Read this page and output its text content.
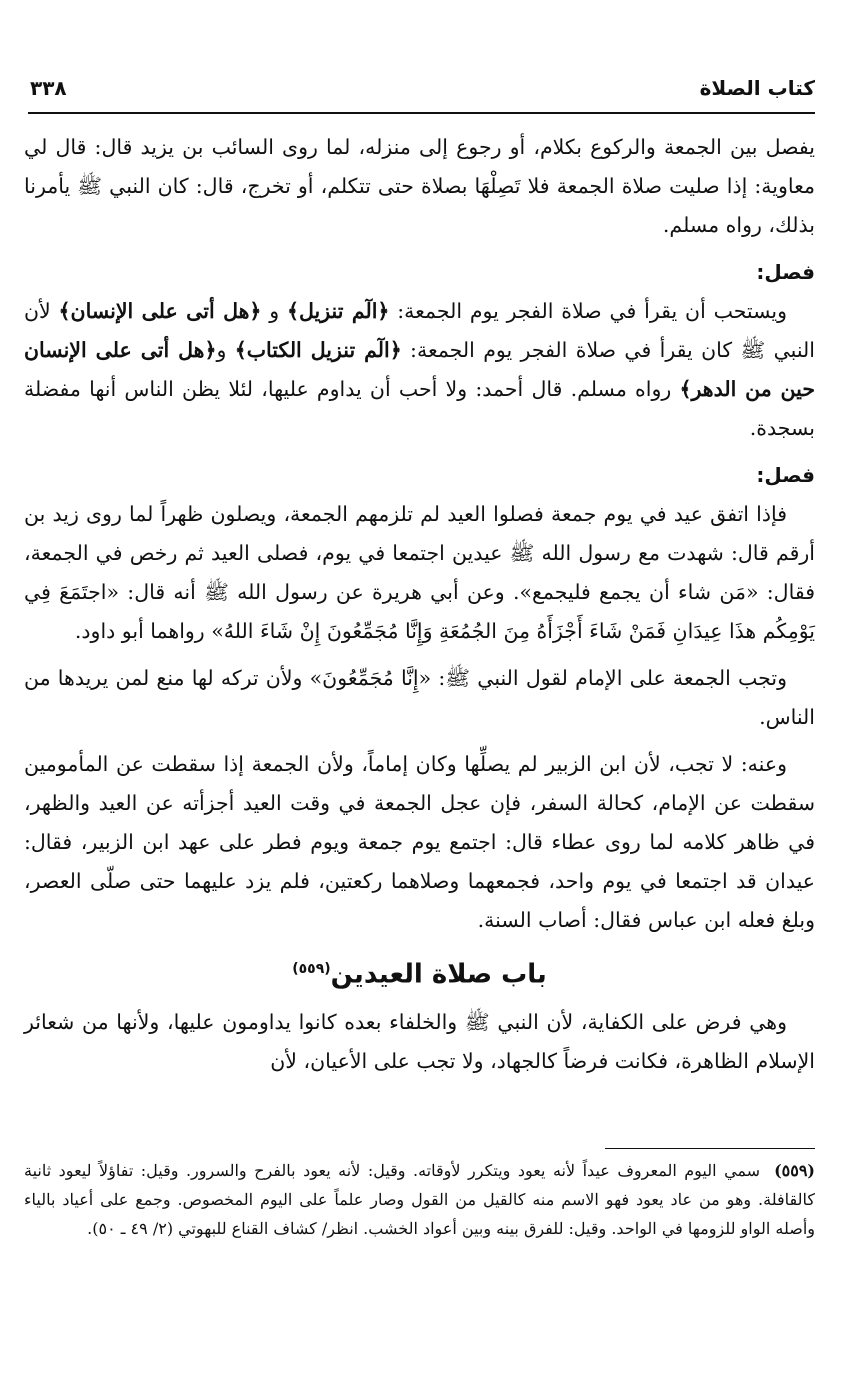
كتاب الصلاة
٣٣٨

يفصل بين الجمعة والركوع بكلام، أو رجوع إلى منزله، لما روى السائب بن يزيد قال: قال لي معاوية: إذا صليت صلاة الجمعة فلا تَصِلْهَا بصلاة حتى تتكلم، أو تخرج، قال: كان النبي ﷺ يأمرنا بذلك، رواه مسلم.

فصل:

ويستحب أن يقرأ في صلاة الفجر يوم الجمعة: ﴿الٓم تنزيل﴾ و ﴿هل أتى على الإنسان﴾ لأن النبي ﷺ كان يقرأ في صلاة الفجر يوم الجمعة: ﴿الٓم تنزيل الكتاب﴾ و﴿هل أتى على الإنسان حين من الدهر﴾ رواه مسلم. قال أحمد: ولا أحب أن يداوم عليها، لئلا يظن الناس أنها مفضلة بسجدة.

فصل:

فإذا اتفق عيد في يوم جمعة فصلوا العيد لم تلزمهم الجمعة، ويصلون ظهراً لما روى زيد بن أرقم قال: شهدت مع رسول الله ﷺ عيدين اجتمعا في يوم، فصلى العيد ثم رخص في الجمعة، فقال: «مَن شاء أن يجمع فليجمع». وعن أبي هريرة عن رسول الله ﷺ أنه قال: «اجتَمَعَ فِي يَوْمِكُم هذَا عِيدَانِ فَمَنْ شَاءَ أَجْزَأَهُ مِنَ الجُمُعَةِ وَإِنَّا مُجَمِّعُونَ إِنْ شَاءَ اللهُ» رواهما أبو داود.

وتجب الجمعة على الإمام لقول النبي ﷺ: «إِنَّا مُجَمِّعُونَ» ولأن تركه لها منع لمن يريدها من الناس.

وعنه: لا تجب، لأن ابن الزبير لم يصلِّها وكان إماماً، ولأن الجمعة إذا سقطت عن المأمومين سقطت عن الإمام، كحالة السفر، فإن عجل الجمعة في وقت العيد أجزأته عن العيد والظهر، في ظاهر كلامه لما روى عطاء قال: اجتمع يوم جمعة ويوم فطر على عهد ابن الزبير، فقال: عيدان قد اجتمعا في يوم واحد، فجمعهما وصلاهما ركعتين، فلم يزد عليهما حتى صلّى العصر، وبلغ فعله ابن عباس فقال: أصاب السنة.

باب صلاة العيدين$^{(٥٥٩)}$

وهي فرض على الكفاية، لأن النبي ﷺ والخلفاء بعده كانوا يداومون عليها، ولأنها من شعائر الإسلام الظاهرة، فكانت فرضاً كالجهاد، ولا تجب على الأعيان، لأن

(٥٥٩)سمي اليوم المعروف عيداً لأنه يعود ويتكرر لأوقاته. وقيل: لأنه يعود بالفرح والسرور. وقيل: تفاؤلاً ليعود ثانية كالقافلة. وهو من عاد يعود فهو الاسم منه كالقيل من القول وصار علماً على اليوم المخصوص. وجمع على أعياد بالياء وأصله الواو للزومها في الواحد. وقيل: للفرق بينه وبين أعواد الخشب. انظر/ كشاف القناع للبهوتي (٢/ ٤٩ ـ ٥٠).
